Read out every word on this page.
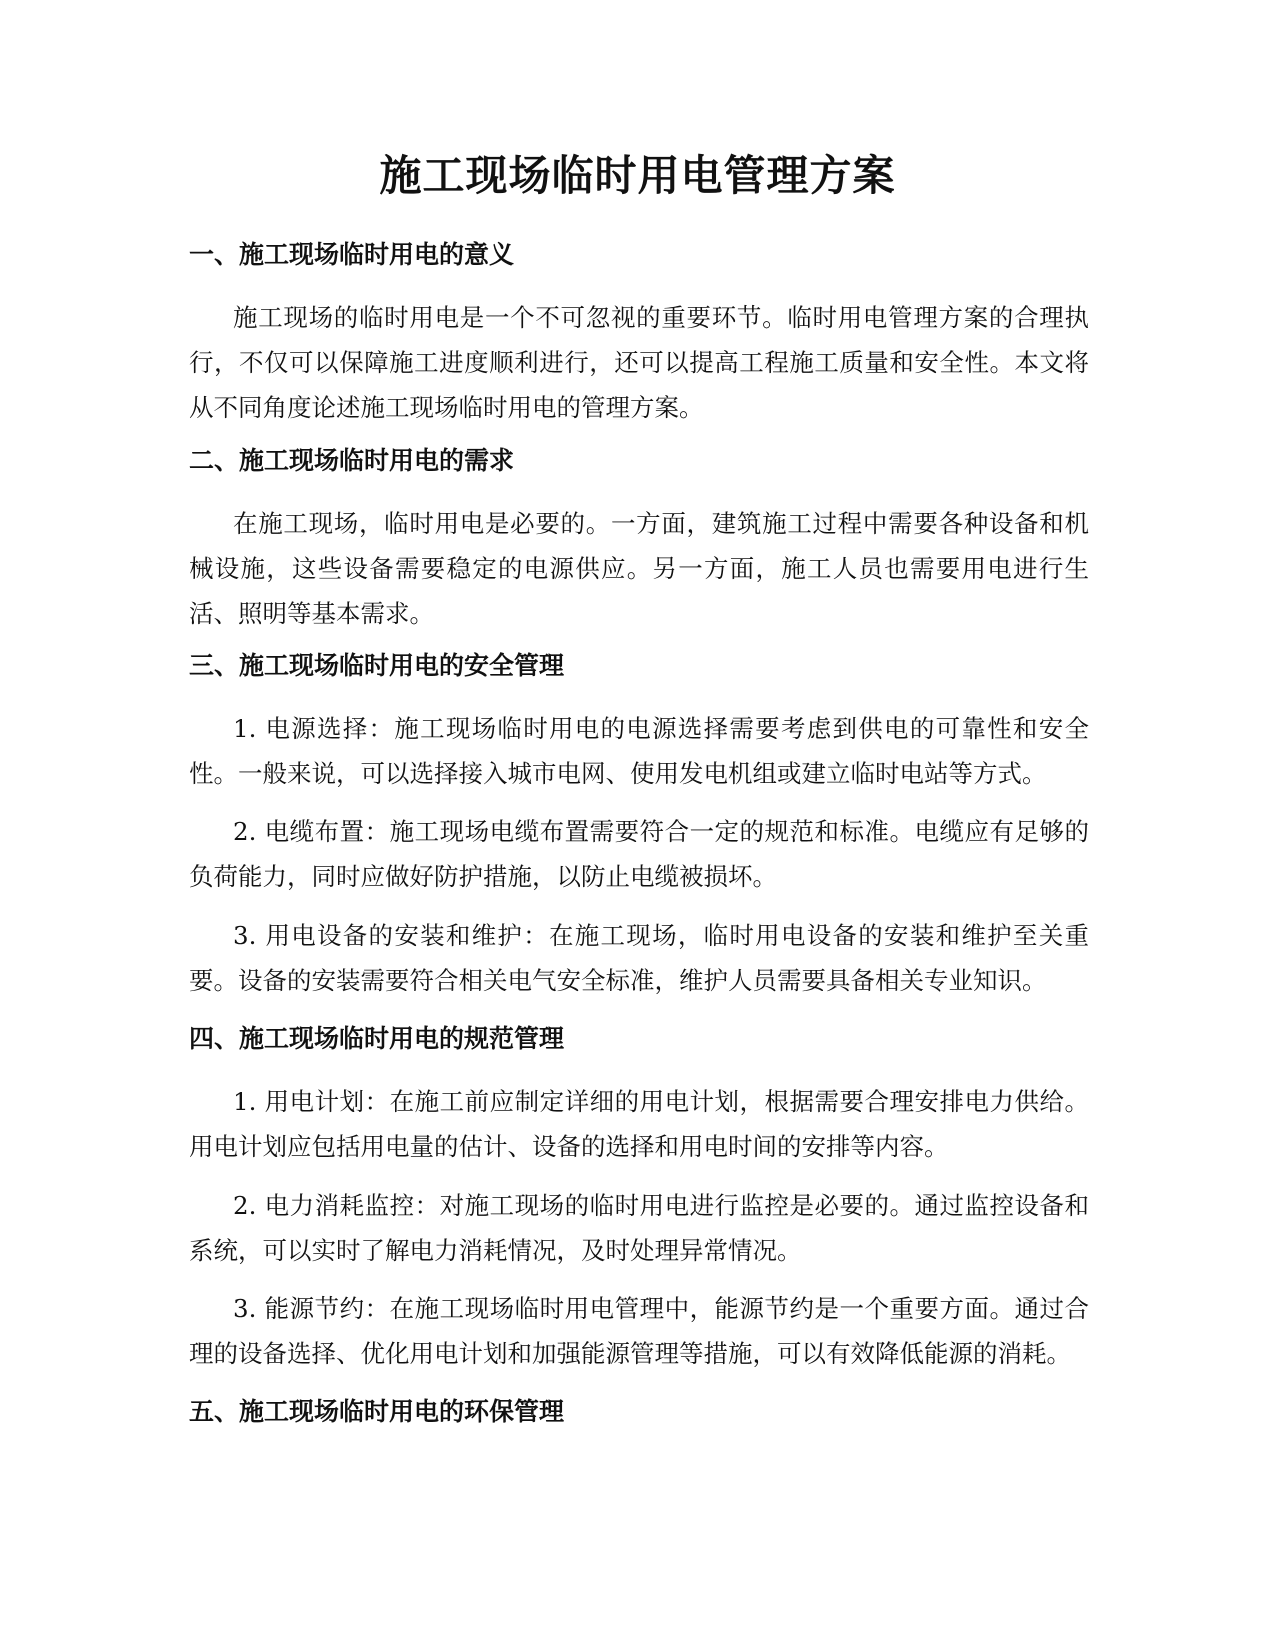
施工现场临时用电管理方案
一、施工现场临时用电的意义

施工现场的临时用电是一个不可忽视的重要环节。临时用电管理方案的合理执行，不仅可以保障施工进度顺利进行，还可以提高工程施工质量和安全性。本文将从不同角度论述施工现场临时用电的管理方案。

二、施工现场临时用电的需求

在施工现场，临时用电是必要的。一方面，建筑施工过程中需要各种设备和机械设施，这些设备需要稳定的电源供应。另一方面，施工人员也需要用电进行生活、照明等基本需求。

三、施工现场临时用电的安全管理

1. 电源选择：施工现场临时用电的电源选择需要考虑到供电的可靠性和安全性。一般来说，可以选择接入城市电网、使用发电机组或建立临时电站等方式。

2. 电缆布置：施工现场电缆布置需要符合一定的规范和标准。电缆应有足够的负荷能力，同时应做好防护措施，以防止电缆被损坏。

3. 用电设备的安装和维护：在施工现场，临时用电设备的安装和维护至关重要。设备的安装需要符合相关电气安全标准，维护人员需要具备相关专业知识。

四、施工现场临时用电的规范管理

1. 用电计划：在施工前应制定详细的用电计划，根据需要合理安排电力供给。用电计划应包括用电量的估计、设备的选择和用电时间的安排等内容。

2. 电力消耗监控：对施工现场的临时用电进行监控是必要的。通过监控设备和系统，可以实时了解电力消耗情况，及时处理异常情况。

3. 能源节约：在施工现场临时用电管理中，能源节约是一个重要方面。通过合理的设备选择、优化用电计划和加强能源管理等措施，可以有效降低能源的消耗。

五、施工现场临时用电的环保管理
